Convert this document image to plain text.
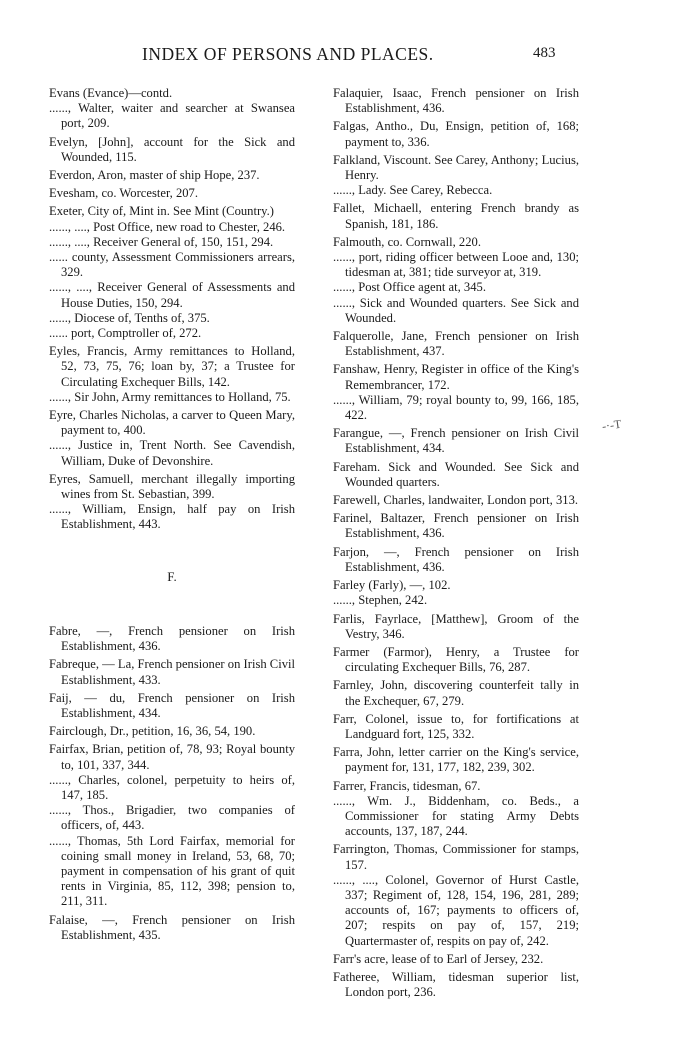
INDEX OF PERSONS AND PLACES.	483

Evans (Evance)—contd.

......, Walter, waiter and searcher at Swansea port, 209.

Evelyn, [John], account for the Sick and Wounded, 115.

Everdon, Aron, master of ship Hope, 237.

Evesham, co. Worcester, 207.

Exeter, City of, Mint in. See Mint (Country.)

......, ...., Post Office, new road to Chester, 246.

......, ...., Receiver General of, 150, 151, 294.

...... county, Assessment Commissioners arrears, 329.

......, ...., Receiver General of Assessments and House Duties, 150, 294.

......, Diocese of, Tenths of, 375.

...... port, Comptroller of, 272.

Eyles, Francis, Army remittances to Holland, 52, 73, 75, 76; loan by, 37; a Trustee for Circulating Exchequer Bills, 142.

......, Sir John, Army remittances to Holland, 75.

Eyre, Charles Nicholas, a carver to Queen Mary, payment to, 400.

......, Justice in, Trent North. See Cavendish, William, Duke of Devonshire.

Eyres, Samuell, merchant illegally importing wines from St. Sebastian, 399.

......, William, Ensign, half pay on Irish Establishment, 443.

F.

Fabre, —, French pensioner on Irish Establishment, 436.

Fabreque, — La, French pensioner on Irish Civil Establishment, 433.

Faij, — du, French pensioner on Irish Establishment, 434.

Fairclough, Dr., petition, 16, 36, 54, 190.

Fairfax, Brian, petition of, 78, 93; Royal bounty to, 101, 337, 344.

......, Charles, colonel, perpetuity to heirs of, 147, 185.

......, Thos., Brigadier, two companies of officers, of, 443.

......, Thomas, 5th Lord Fairfax, memorial for coining small money in Ireland, 53, 68, 70; payment in compensation of his grant of quit rents in Virginia, 85, 112, 398; pension to, 211, 311.

Falaise, —, French pensioner on Irish Establishment, 435.

Falaquier, Isaac, French pensioner on Irish Establishment, 436.

Falgas, Antho., Du, Ensign, petition of, 168; payment to, 336.

Falkland, Viscount. See Carey, Anthony; Lucius, Henry.

......, Lady. See Carey, Rebecca.

Fallet, Michaell, entering French brandy as Spanish, 181, 186.

Falmouth, co. Cornwall, 220.

......, port, riding officer between Looe and, 130; tidesman at, 381; tide surveyor at, 319.

......, Post Office agent at, 345.

......, Sick and Wounded quarters. See Sick and Wounded.

Falquerolle, Jane, French pensioner on Irish Establishment, 437.

Fanshaw, Henry, Register in office of the King's Remembrancer, 172.

......, William, 79; royal bounty to, 99, 166, 185, 422.

Farangue, —, French pensioner on Irish Civil Establishment, 434.

Fareham. Sick and Wounded. See Sick and Wounded quarters.

Farewell, Charles, landwaiter, London port, 313.

Farinel, Baltazer, French pensioner on Irish Establishment, 436.

Farjon, —, French pensioner on Irish Establishment, 436.

Farley (Farly), —, 102.

......, Stephen, 242.

Farlis, Fayrlace, [Matthew], Groom of the Vestry, 346.

Farmer (Farmor), Henry, a Trustee for circulating Exchequer Bills, 76, 287.

Farnley, John, discovering counterfeit tally in the Exchequer, 67, 279.

Farr, Colonel, issue to, for fortifications at Landguard fort, 125, 332.

Farra, John, letter carrier on the King's service, payment for, 131, 177, 182, 239, 302.

Farrer, Francis, tidesman, 67.

......, Wm. J., Biddenham, co. Beds., a Commissioner for stating Army Debts accounts, 137, 187, 244.

Farrington, Thomas, Commissioner for stamps, 157.

......, ...., Colonel, Governor of Hurst Castle, 337; Regiment of, 128, 154, 196, 281, 289; accounts of, 167; payments to officers of, 207; respits on pay of, 157, 219; Quartermaster of, respits on pay of, 242.

Farr's acre, lease of to Earl of Jersey, 232.

Fatheree, William, tidesman superior list, London port, 236.

-·-T
